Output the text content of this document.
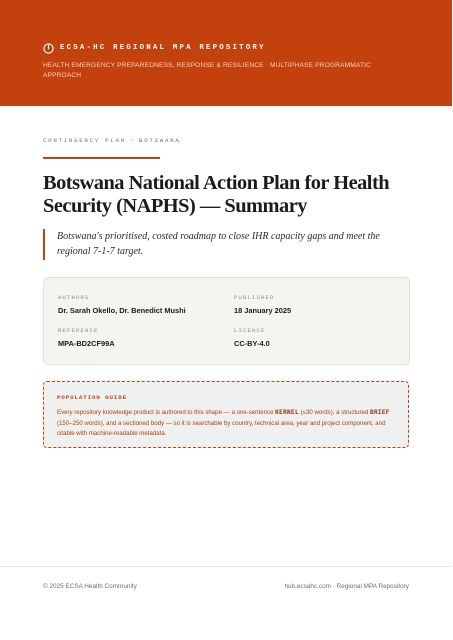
ECSA-HC REGIONAL MPA REPOSITORY
HEALTH EMERGENCY PREPAREDNESS, RESPONSE & RESILIENCE · MULTIPHASE PROGRAMMATIC APPROACH
CONTINGENCY PLAN · BOTSWANA
Botswana National Action Plan for Health Security (NAPHS) — Summary

Botswana's prioritised, costed roadmap to close IHR capacity gaps and meet the regional 7-1-7 target.

AUTHORS
Dr. Sarah Okello, Dr. Benedict Mushi
PUBLISHED
18 January 2025
REFERENCE
MPA-BD2CF99A
LICENCE
CC-BY-4.0
POPULATION GUIDE

Every repository knowledge product is authored to this shape — a one-sentence KERNEL (≤30 words), a structured BRIEF (150–250 words), and a sectioned body — so it is searchable by country, technical area, year and project component, and citable with machine-readable metadata.

© 2025 ECSA Health Community	hub.ecsahc.com · Regional MPA Repository
